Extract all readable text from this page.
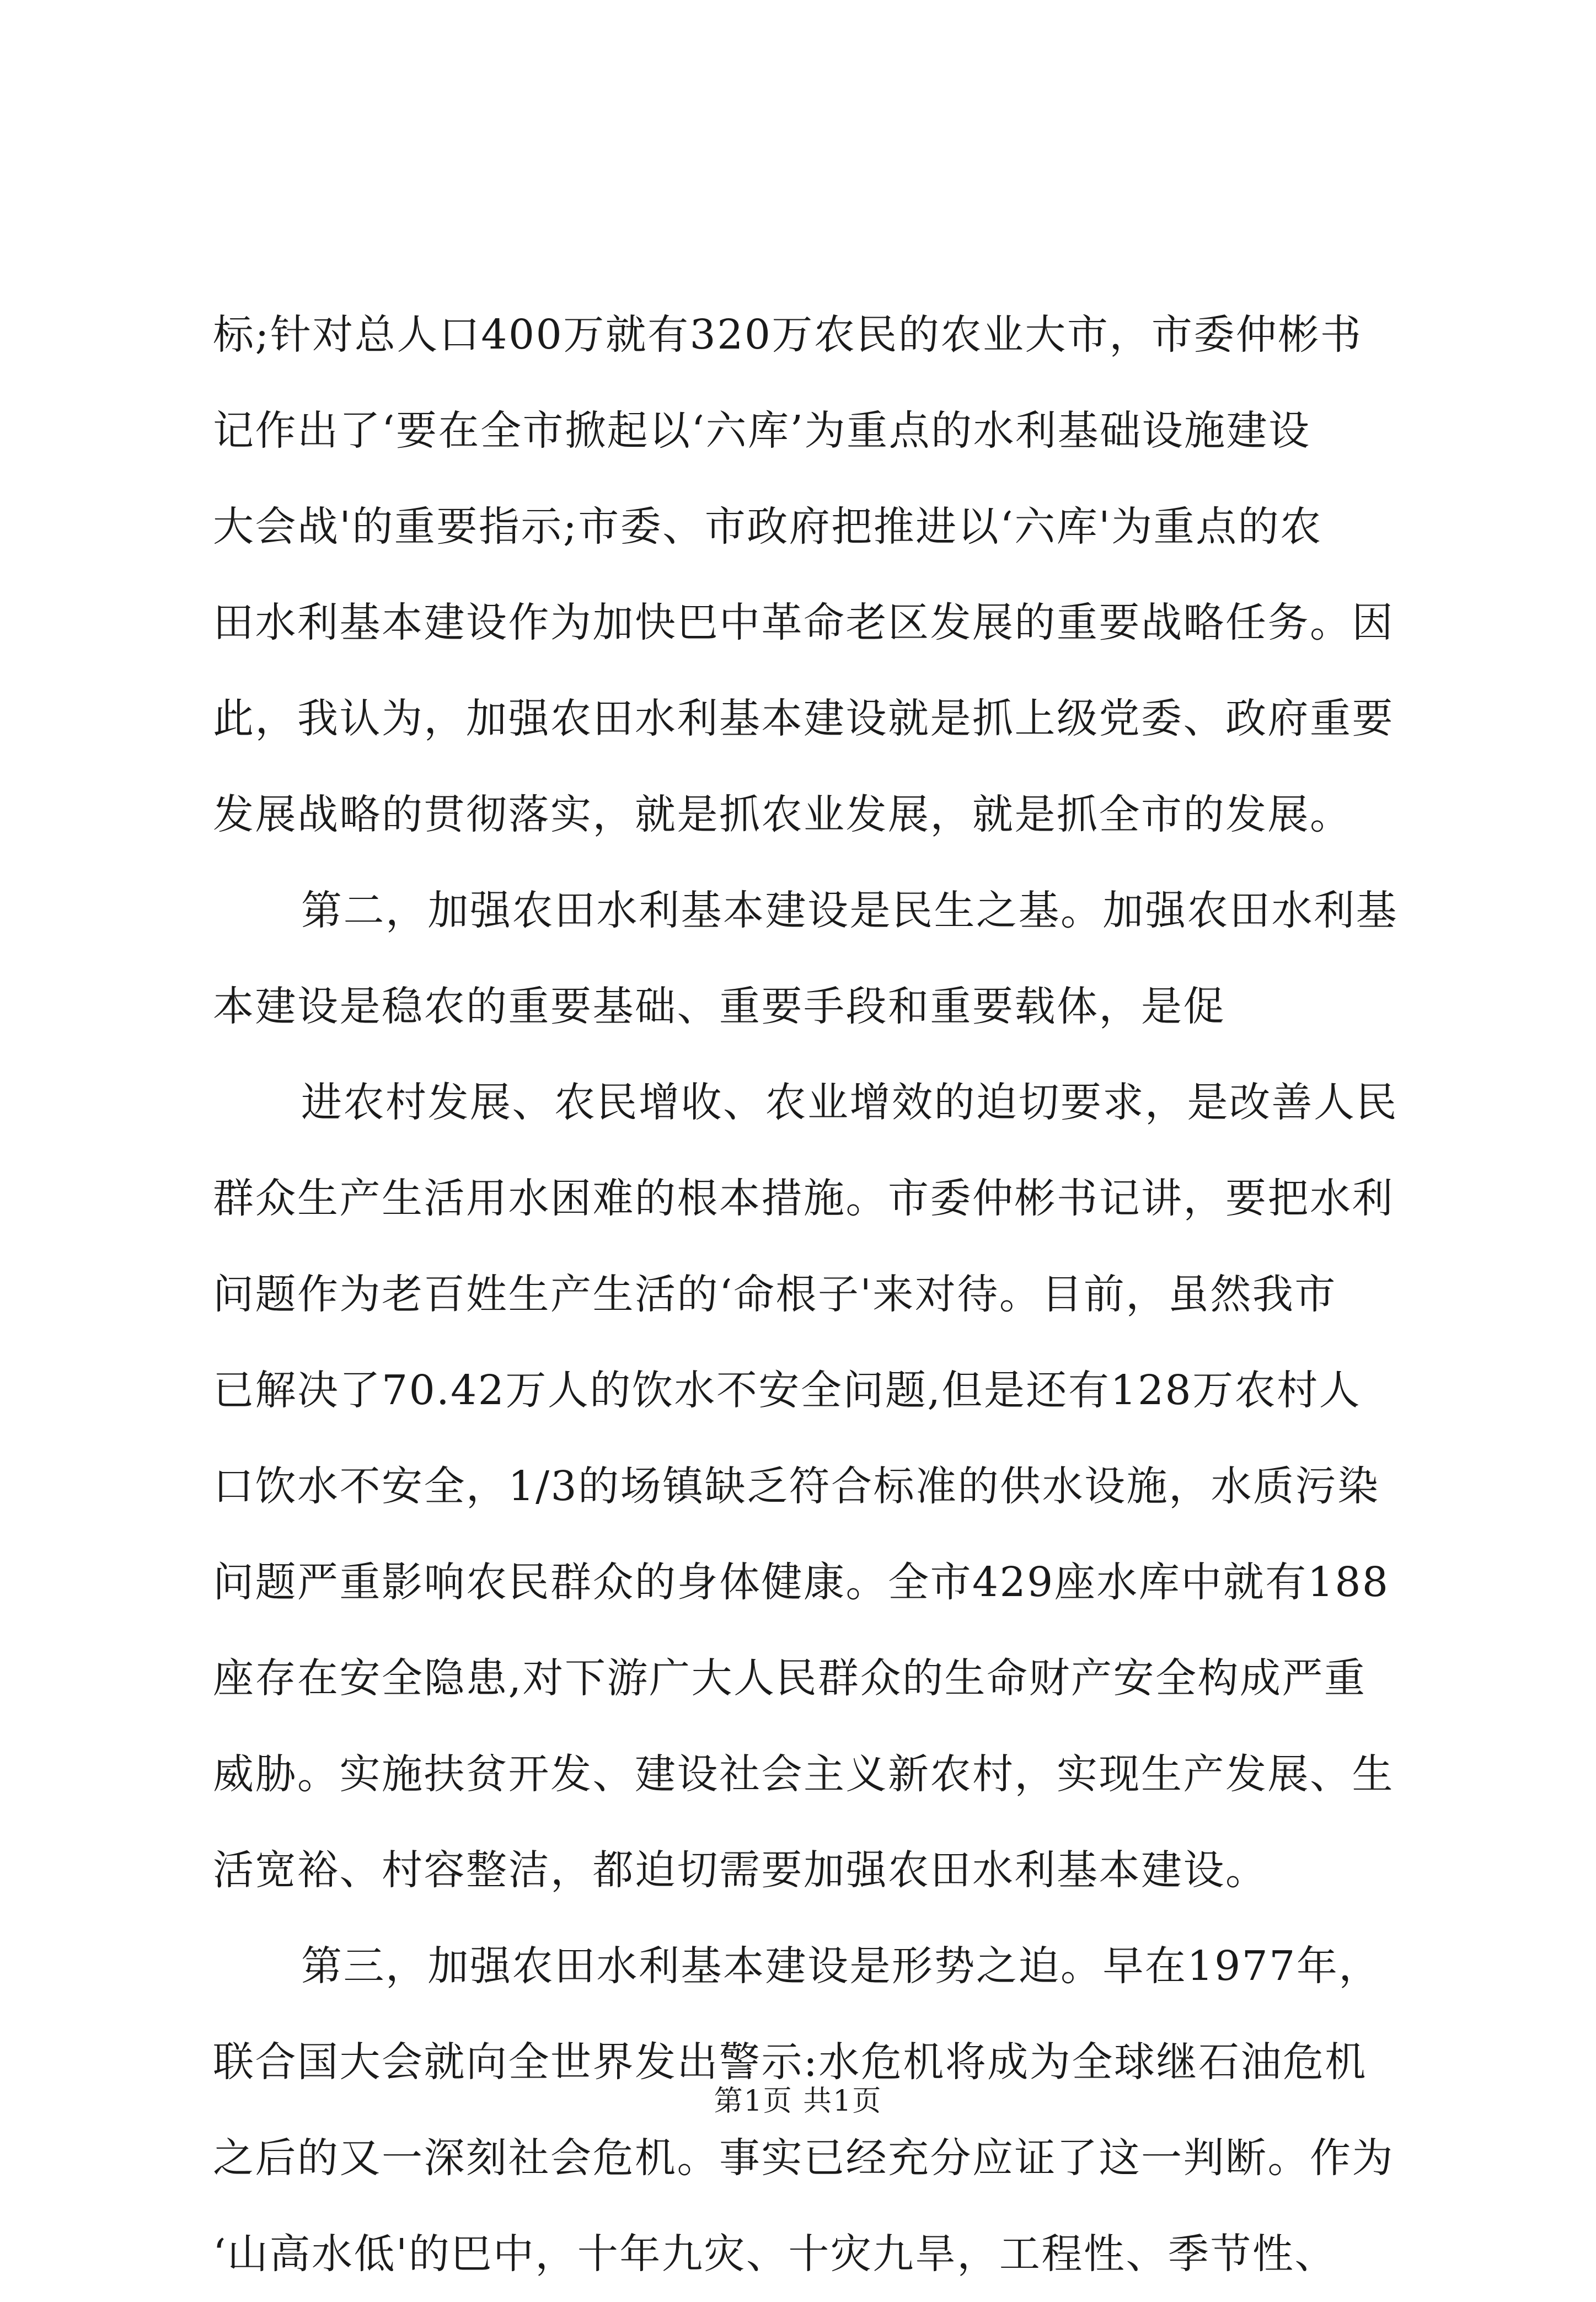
标;针对总人口400万就有320万农民的农业大市，市委仲彬书
记作出了‘要在全市掀起以‘六库’为重点的水利基础设施建设
大会战'的重要指示;市委、市政府把推进以‘六库'为重点的农
田水利基本建设作为加快巴中革命老区发展的重要战略任务。因
此，我认为，加强农田水利基本建设就是抓上级党委、政府重要
发展战略的贯彻落实，就是抓农业发展，就是抓全市的发展。
第二，加强农田水利基本建设是民生之基。加强农田水利基
本建设是稳农的重要基础、重要手段和重要载体，是促
进农村发展、农民增收、农业增效的迫切要求，是改善人民
群众生产生活用水困难的根本措施。市委仲彬书记讲，要把水利
问题作为老百姓生产生活的‘命根子'来对待。目前，虽然我市
已解决了70.42万人的饮水不安全问题,但是还有128万农村人
口饮水不安全，1/3的场镇缺乏符合标准的供水设施，水质污染
问题严重影响农民群众的身体健康。全市429座水库中就有188
座存在安全隐患,对下游广大人民群众的生命财产安全构成严重
威胁。实施扶贫开发、建设社会主义新农村，实现生产发展、生
活宽裕、村容整洁，都迫切需要加强农田水利基本建设。
第三，加强农田水利基本建设是形势之迫。早在1977年，
联合国大会就向全世界发出警示:水危机将成为全球继石油危机
之后的又一深刻社会危机。事实已经充分应证了这一判断。作为
‘山高水低'的巴中，十年九灾、十灾九旱，工程性、季节性、
第1页 共1页
